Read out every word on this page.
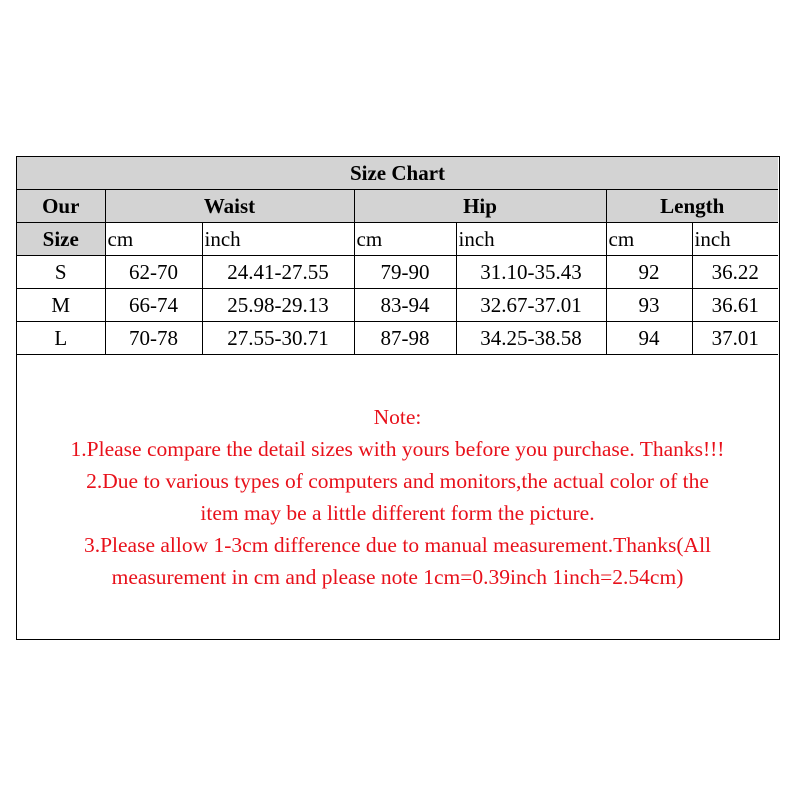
Size Chart						
Our	Waist		Hip		Length	
Size	cm	inch	cm	inch	cm	inch
S	62-70	24.41-27.55	79-90	31.10-35.43	92	36.22
M	66-74	25.98-29.13	83-94	32.67-37.01	93	36.61
L	70-78	27.55-30.71	87-98	34.25-38.58	94	37.01
Note:
1.Please compare the detail sizes with yours before you purchase. Thanks!!!
2.Due to various types of computers and monitors,the actual color of the
item may be a little different form the picture.
3.Please allow 1-3cm difference due to manual measurement.Thanks(All
measurement in cm and please note 1cm=0.39inch 1inch=2.54cm)
